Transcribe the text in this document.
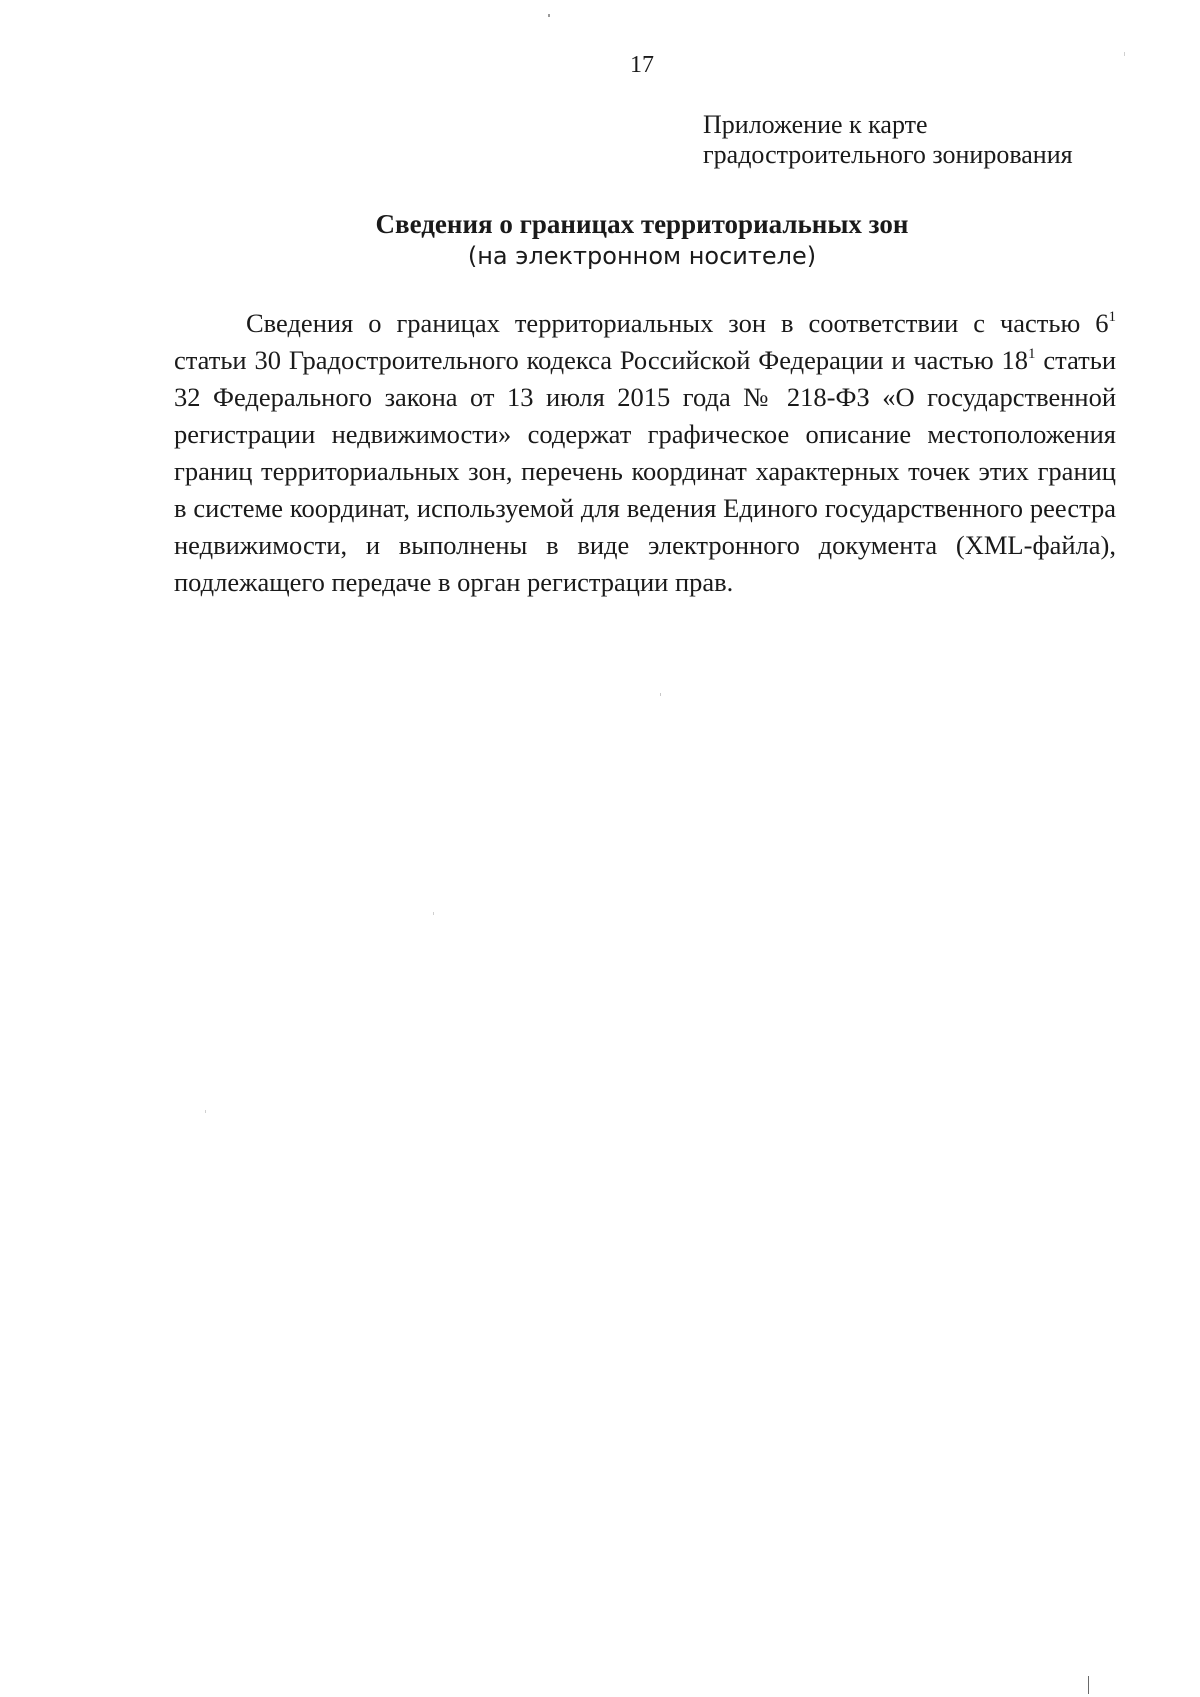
17
Приложение к карте
градостроительного зонирования
Сведения о границах территориальных зон
(на электронном носителе)

Сведения о границах территориальных зон в соответствии с частью $6^1$ статьи 30 Градостроительного кодекса Российской Федерации и частью $18^1$ статьи 32 Федерального закона от 13 июля 2015 года № 218-ФЗ «О государственной регистрации недвижимости» содержат графическое описание местоположения границ территориальных зон, перечень координат характерных точек этих границ в системе координат, используемой для ведения Единого государственного реестра недвижимости, и выполнены в виде электронного документа (XML-файла), подлежащего передаче в орган регистрации прав.
